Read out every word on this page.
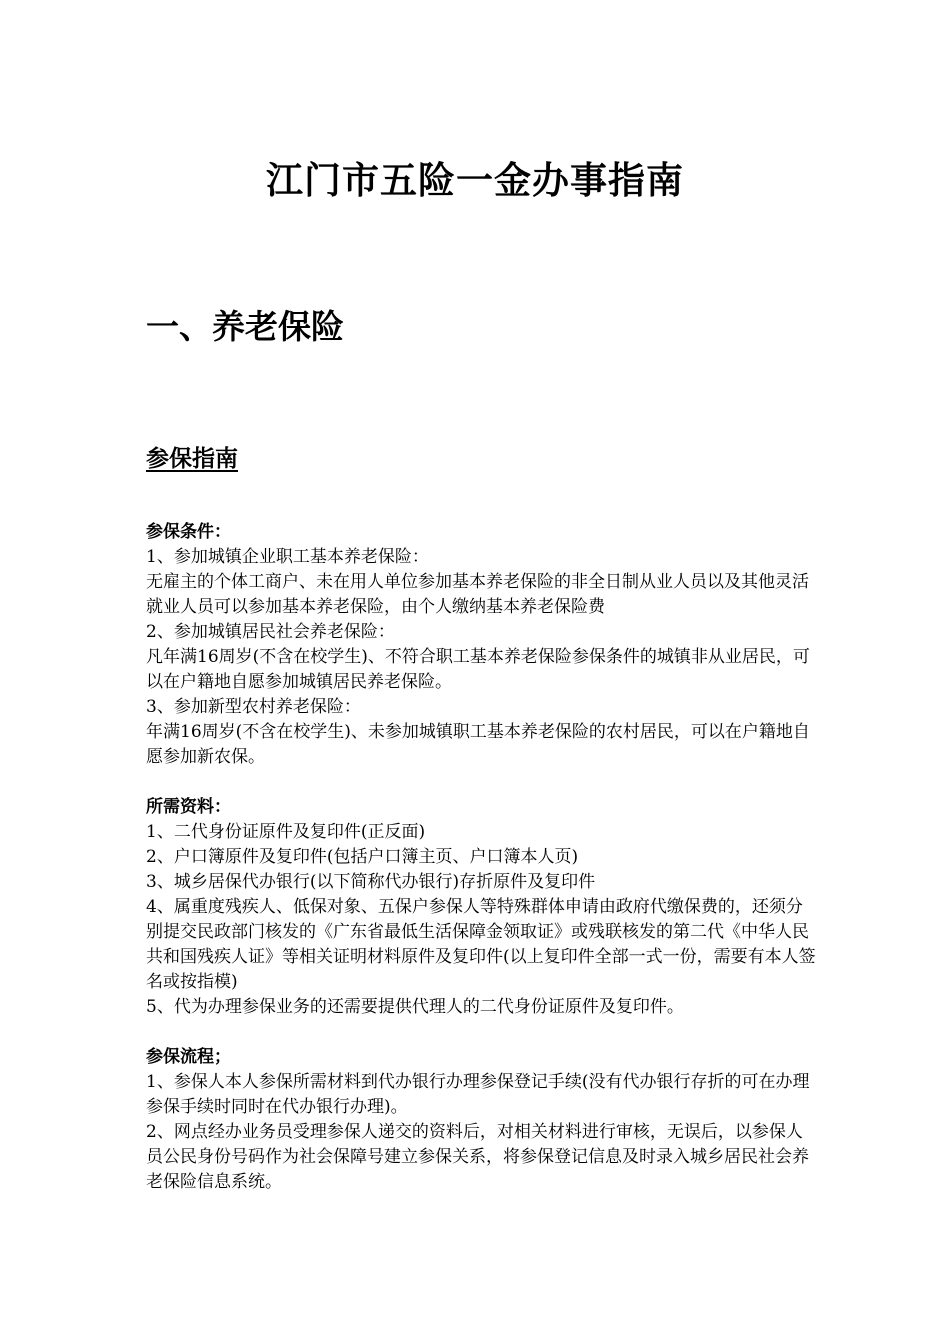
江门市五险一金办事指南
一、养老保险
参保指南

参保条件：

1、参加城镇企业职工基本养老保险：

无雇主的个体工商户、未在用人单位参加基本养老保险的非全日制从业人员以及其他灵活就业人员可以参加基本养老保险，由个人缴纳基本养老保险费

2、参加城镇居民社会养老保险：

凡年满16周岁(不含在校学生)、不符合职工基本养老保险参保条件的城镇非从业居民，可以在户籍地自愿参加城镇居民养老保险。

3、参加新型农村养老保险：

年满16周岁(不含在校学生)、未参加城镇职工基本养老保险的农村居民，可以在户籍地自愿参加新农保。

所需资料：

1、二代身份证原件及复印件(正反面)

2、户口簿原件及复印件(包括户口簿主页、户口簿本人页)

3、城乡居保代办银行(以下简称代办银行)存折原件及复印件

4、属重度残疾人、低保对象、五保户参保人等特殊群体申请由政府代缴保费的，还须分别提交民政部门核发的《广东省最低生活保障金领取证》或残联核发的第二代《中华人民共和国残疾人证》等相关证明材料原件及复印件(以上复印件全部一式一份，需要有本人签名或按指模)

5、代为办理参保业务的还需要提供代理人的二代身份证原件及复印件。

参保流程；

1、参保人本人参保所需材料到代办银行办理参保登记手续(没有代办银行存折的可在办理参保手续时同时在代办银行办理)。

2、网点经办业务员受理参保人递交的资料后，对相关材料进行审核，无误后，以参保人员公民身份号码作为社会保障号建立参保关系，将参保登记信息及时录入城乡居民社会养老保险信息系统。
